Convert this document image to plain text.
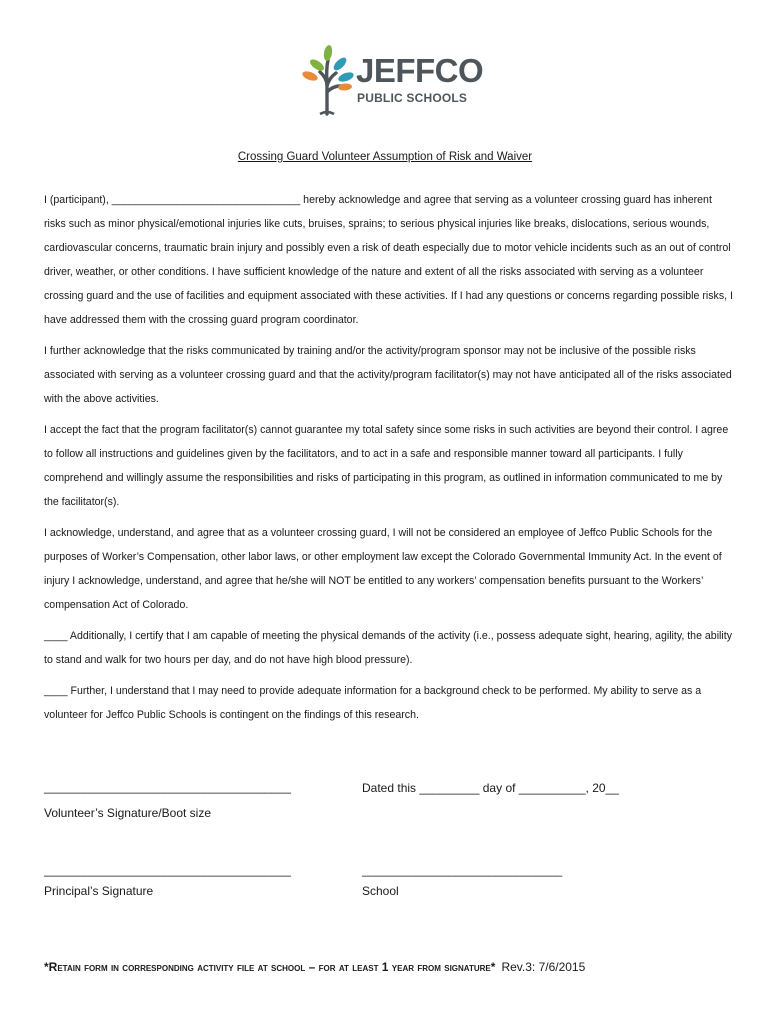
JEFFCO
PUBLIC SCHOOLS
Crossing Guard Volunteer Assumption of Risk and Waiver

I (participant), ________________________________ hereby acknowledge and agree that serving as a volunteer crossing guard has inherent risks such as minor physical/emotional injuries like cuts, bruises, sprains; to serious physical injuries like breaks, dislocations, serious wounds, cardiovascular concerns, traumatic brain injury and possibly even a risk of death especially due to motor vehicle incidents such as an out of control driver, weather, or other conditions. I have sufficient knowledge of the nature and extent of all the risks associated with serving as a volunteer crossing guard and the use of facilities and equipment associated with these activities. If I had any questions or concerns regarding possible risks, I have addressed them with the crossing guard program coordinator.

I further acknowledge that the risks communicated by training and/or the activity/program sponsor may not be inclusive of the possible risks associated with serving as a volunteer crossing guard and that the activity/program facilitator(s) may not have anticipated all of the risks associated with the above activities.

I accept the fact that the program facilitator(s) cannot guarantee my total safety since some risks in such activities are beyond their control. I agree to follow all instructions and guidelines given by the facilitators, and to act in a safe and responsible manner toward all participants. I fully comprehend and willingly assume the responsibilities and risks of participating in this program, as outlined in information communicated to me by the facilitator(s).

I acknowledge, understand, and agree that as a volunteer crossing guard, I will not be considered an employee of Jeffco Public Schools for the purposes of Worker’s Compensation, other labor laws, or other employment law except the Colorado Governmental Immunity Act. In the event of injury I acknowledge, understand, and agree that he/she will NOT be entitled to any workers’ compensation benefits pursuant to the Workers’ compensation Act of Colorado.

____ Additionally, I certify that I am capable of meeting the physical demands of the activity (i.e., possess adequate sight, hearing, agility, the ability to stand and walk for two hours per day, and do not have high blood pressure).

____ Further, I understand that I may need to provide adequate information for a background check to be performed. My ability to serve as a volunteer for Jeffco Public Schools is contingent on the findings of this research.

_____________________________________	Dated this _________ day of __________, 20__
Volunteer’s Signature/Boot size
_____________________________________	______________________________
Principal’s Signature	School
*Retain form in corresponding activity file at school – for at least 1 year from signature* Rev.3: 7/6/2015
